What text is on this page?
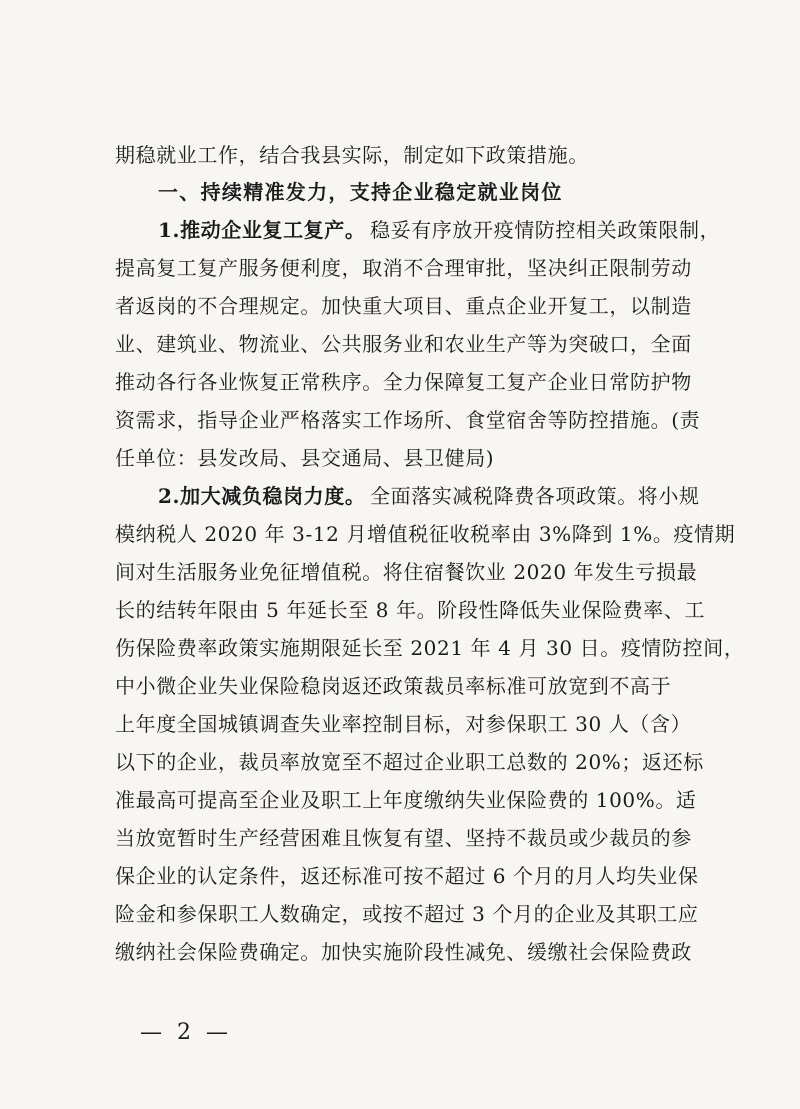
期稳就业工作，结合我县实际，制定如下政策措施。
一、持续精准发力，支持企业稳定就业岗位
1.推动企业复工复产。 稳妥有序放开疫情防控相关政策限制，
提高复工复产服务便利度，取消不合理审批，坚决纠正限制劳动
者返岗的不合理规定。加快重大项目、重点企业开复工，以制造
业、建筑业、物流业、公共服务业和农业生产等为突破口，全面
推动各行各业恢复正常秩序。全力保障复工复产企业日常防护物
资需求，指导企业严格落实工作场所、食堂宿舍等防控措施。(责
任单位：县发改局、县交通局、县卫健局)
2.加大减负稳岗力度。 全面落实减税降费各项政策。将小规
模纳税人 2020 年 3-12 月增值税征收税率由 3%降到 1%。疫情期
间对生活服务业免征增值税。将住宿餐饮业 2020 年发生亏损最
长的结转年限由 5 年延长至 8 年。阶段性降低失业保险费率、工
伤保险费率政策实施期限延长至 2021 年 4 月 30 日。疫情防控间，
中小微企业失业保险稳岗返还政策裁员率标准可放宽到不高于
上年度全国城镇调查失业率控制目标，对参保职工 30 人（含）
以下的企业，裁员率放宽至不超过企业职工总数的 20%；返还标
准最高可提高至企业及职工上年度缴纳失业保险费的 100%。适
当放宽暂时生产经营困难且恢复有望、坚持不裁员或少裁员的参
保企业的认定条件，返还标准可按不超过 6 个月的月人均失业保
险金和参保职工人数确定，或按不超过 3 个月的企业及其职工应
缴纳社会保险费确定。加快实施阶段性减免、缓缴社会保险费政
— 2 —
